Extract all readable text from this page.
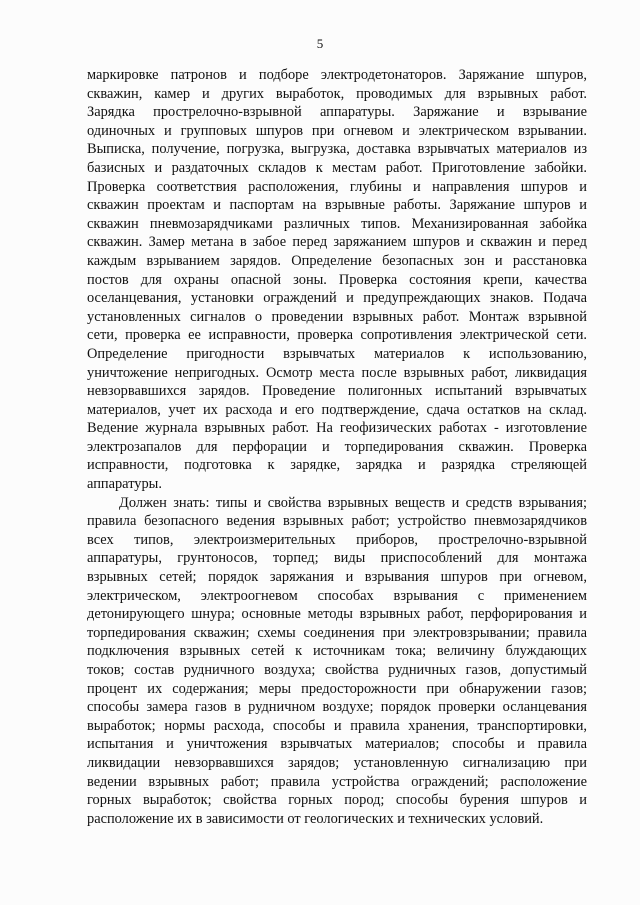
5
маркировке патронов и подборе электродетонаторов. Заряжание шпуров,
скважин, камер и других выработок, проводимых для взрывных работ.
Зарядка прострелочно-взрывной аппаратуры. Заряжание и взрывание
одиночных и групповых шпуров при огневом и электрическом взрывании.
Выписка, получение, погрузка, выгрузка, доставка взрывчатых материалов из
базисных и раздаточных складов к местам работ. Приготовление забойки.
Проверка соответствия расположения, глубины и направления шпуров и
скважин проектам и паспортам на взрывные работы. Заряжание шпуров и
скважин пневмозарядчиками различных типов. Механизированная забойка
скважин. Замер метана в забое перед заряжанием шпуров и скважин и перед
каждым взрыванием зарядов. Определение безопасных зон и расстановка
постов для охраны опасной зоны. Проверка состояния крепи, качества
оселанцевания, установки ограждений и предупреждающих знаков. Подача
установленных сигналов о проведении взрывных работ. Монтаж взрывной
сети, проверка ее исправности, проверка сопротивления электрической сети.
Определение пригодности взрывчатых материалов к использованию,
уничтожение непригодных. Осмотр места после взрывных работ, ликвидация
невзорвавшихся зарядов. Проведение полигонных испытаний взрывчатых
материалов, учет их расхода и его подтверждение, сдача остатков на склад.
Ведение журнала взрывных работ. На геофизических работах - изготовление
электрозапалов для перфорации и торпедирования скважин. Проверка
исправности, подготовка к зарядке, зарядка и разрядка стреляющей
аппаратуры.
Должен знать: типы и свойства взрывных веществ и средств взрывания;
правила безопасного ведения взрывных работ; устройство пневмозарядчиков
всех типов, электроизмерительных приборов, прострелочно-взрывной
аппаратуры, грунтоносов, торпед; виды приспособлений для монтажа
взрывных сетей; порядок заряжания и взрывания шпуров при огневом,
электрическом, электроогневом способах взрывания с применением
детонирующего шнура; основные методы взрывных работ, перфорирования и
торпедирования скважин; схемы соединения при электровзрывании; правила
подключения взрывных сетей к источникам тока; величину блуждающих
токов; состав рудничного воздуха; свойства рудничных газов, допустимый
процент их содержания; меры предосторожности при обнаружении газов;
способы замера газов в рудничном воздухе; порядок проверки осланцевания
выработок; нормы расхода, способы и правила хранения, транспортировки,
испытания и уничтожения взрывчатых материалов; способы и правила
ликвидации невзорвавшихся зарядов; установленную сигнализацию при
ведении взрывных работ; правила устройства ограждений; расположение
горных выработок; свойства горных пород; способы бурения шпуров и
расположение их в зависимости от геологических и технических условий.
